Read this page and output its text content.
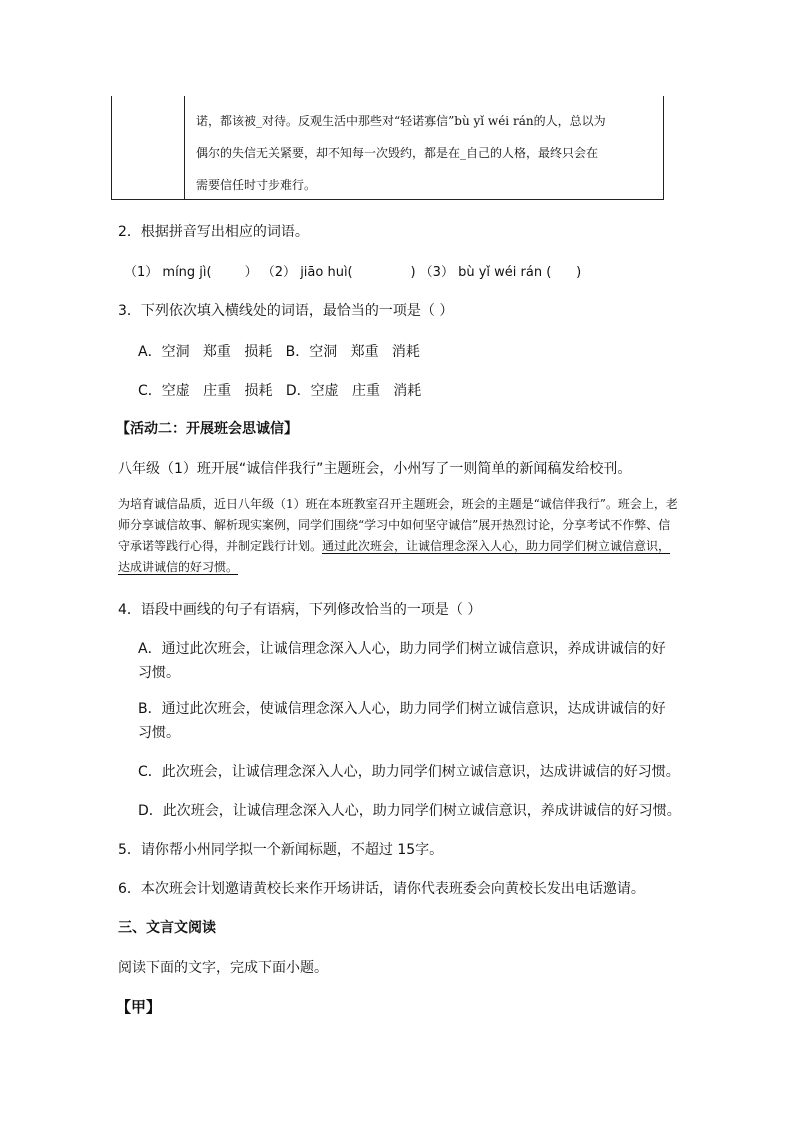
诺，都该被_对待。反观生活中那些对“轻诺寡信”bù yǐ wéi rán的人，总以为
偶尔的失信无关紧要，却不知每一次毁约，都是在_自己的人格，最终只会在
需要信任时寸步难行。
2．根据拼音写出相应的词语。
（1） míng jì(        ） （2） jiāo huì(              ) （3） bù yǐ wéi rán (      )
3．下列依次填入横线处的词语，最恰当的一项是（ ）
A．空洞   郑重   损耗   B．空洞   郑重   消耗
C．空虚   庄重   损耗   D．空虚   庄重   消耗
【活动二：开展班会思诚信】
八年级（1）班开展“诚信伴我行”主题班会，小州写了一则简单的新闻稿发给校刊。
为培育诚信品质，近日八年级（1）班在本班教室召开主题班会，班会的主题是“诚信伴我行”。班会上，老师分享诚信故事、解析现实案例，同学们围绕“学习中如何坚守诚信”展开热烈讨论，分享考试不作弊、信守承诺等践行心得，并制定践行计划。通过此次班会，让诚信理念深入人心，助力同学们树立诚信意识，达成讲诚信的好习惯。
4．语段中画线的句子有语病，下列修改恰当的一项是（ ）
A．通过此次班会，让诚信理念深入人心，助力同学们树立诚信意识，养成讲诚信的好习惯。
B．通过此次班会，使诚信理念深入人心，助力同学们树立诚信意识，达成讲诚信的好习惯。
C．此次班会，让诚信理念深入人心，助力同学们树立诚信意识，达成讲诚信的好习惯。
D．此次班会，让诚信理念深入人心，助力同学们树立诚信意识，养成讲诚信的好习惯。
5．请你帮小州同学拟一个新闻标题，不超过 15字。
6．本次班会计划邀请黄校长来作开场讲话，请你代表班委会向黄校长发出电话邀请。
三、文言文阅读
阅读下面的文字，完成下面小题。
【甲】
